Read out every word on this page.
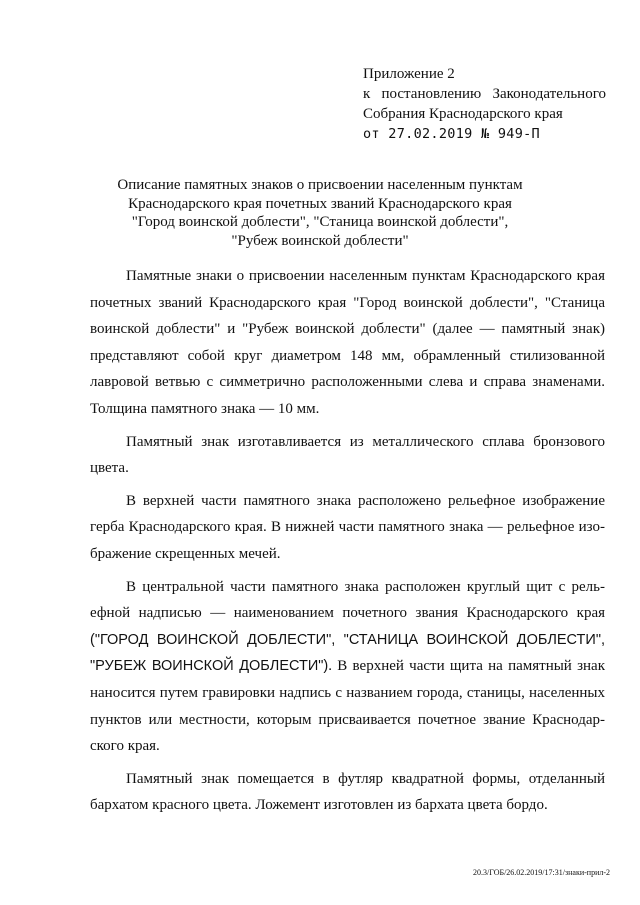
Приложение 2
к постановлению Законодательного
Собрания Краснодарского края
от 27.02.2019 № 949-П
Описание памятных знаков о присвоении населенным пунктам
Краснодарского края почетных званий Краснодарского края
"Город воинской доблести", "Станица воинской доблести",
"Рубеж воинской доблести"

Памятные знаки о присвоении населенным пунктам Краснодарского края почетных званий Краснодарского края "Город воинской доблести", "Станица воинской доблести" и "Рубеж воинской доблести" (далее — памятный знак) представляют собой круг диаметром 148 мм, обрамленный стилизованной лавровой ветвью с симметрично расположенными слева и справа знаменами. Толщина памятного знака — 10 мм.

Памятный знак изготавливается из металлического сплава бронзового цвета.

В верхней части памятного знака расположено рельефное изображение герба Краснодарского края. В нижней части памятного знака — рельефное изображение скрещенных мечей.

В центральной части памятного знака расположен круглый щит с рельефной надписью — наименованием почетного звания Краснодарского края ("ГОРОД ВОИНСКОЙ ДОБЛЕСТИ", "СТАНИЦА ВОИНСКОЙ ДОБЛЕСТИ", "РУБЕЖ ВОИНСКОЙ ДОБЛЕСТИ"). В верхней части щита на памятный знак наносится путем гравировки надпись с названием города, станицы, населенных пунктов или местности, которым присваивается почетное звание Краснодарского края.

Памятный знак помещается в футляр квадратной формы, отделанный бархатом красного цвета. Ложемент изготовлен из бархата цвета бордо.

20.3/ГОБ/26.02.2019/17:31/знаки-прил-2
